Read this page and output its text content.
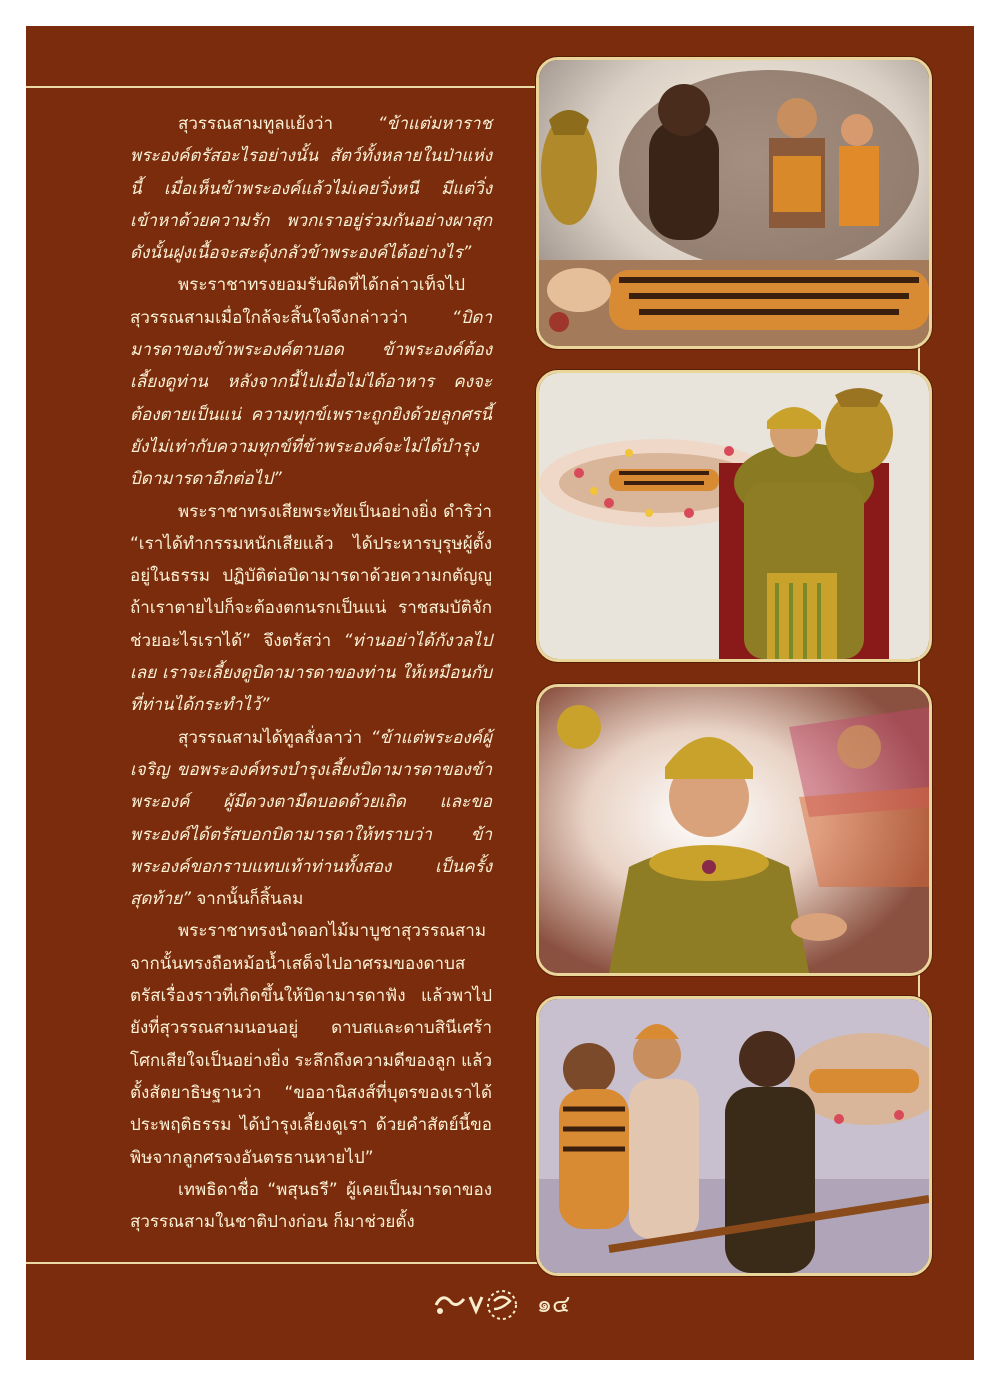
สุวรรณสามทูลแย้งว่า “ข้าแต่มหาราช พระองค์ตรัสอะไรอย่างนั้น สัตว์ทั้งหลายในป่าแห่งนี้ เมื่อเห็นข้าพระองค์แล้วไม่เคยวิ่งหนี มีแต่วิ่งเข้าหาด้วยความรัก พวกเราอยู่ร่วมกันอย่างผาสุก ดังนั้นฝูงเนื้อจะสะดุ้งกลัวข้าพระองค์ได้อย่างไร”

พระราชาทรงยอมรับผิดที่ได้กล่าวเท็จไป สุวรรณสามเมื่อใกล้จะสิ้นใจจึงกล่าวว่า “บิดามารดาของข้าพระองค์ตาบอด ข้าพระองค์ต้องเลี้ยงดูท่าน หลังจากนี้ไปเมื่อไม่ได้อาหาร คงจะต้องตายเป็นแน่ ความทุกข์เพราะถูกยิงด้วยลูกศรนี้ ยังไม่เท่ากับความทุกข์ที่ข้าพระองค์จะไม่ได้บำรุงบิดามารดาอีกต่อไป”

พระราชาทรงเสียพระทัยเป็นอย่างยิ่ง ดำริว่า “เราได้ทำกรรมหนักเสียแล้ว ได้ประหารบุรุษผู้ตั้งอยู่ในธรรม ปฏิบัติต่อบิดามารดาด้วยความกตัญญู ถ้าเราตายไปก็จะต้องตกนรกเป็นแน่ ราชสมบัติจักช่วยอะไรเราได้” จึงตรัสว่า “ท่านอย่าได้กังวลไปเลย เราจะเลี้ยงดูบิดามารดาของท่าน ให้เหมือนกับที่ท่านได้กระทำไว้”

สุวรรณสามได้ทูลสั่งลาว่า “ข้าแต่พระองค์ผู้เจริญ ขอพระองค์ทรงบำรุงเลี้ยงบิดามารดาของข้าพระองค์ ผู้มีดวงตามืดบอดด้วยเถิด และขอพระองค์ได้ตรัสบอกบิดามารดาให้ทราบว่า ข้าพระองค์ขอกราบแทบเท้าท่านทั้งสอง เป็นครั้งสุดท้าย” จากนั้นก็สิ้นลม

พระราชาทรงนำดอกไม้มาบูชาสุวรรณสาม จากนั้นทรงถือหม้อน้ำเสด็จไปอาศรมของดาบส ตรัสเรื่องราวที่เกิดขึ้นให้บิดามารดาฟัง แล้วพาไปยังที่สุวรรณสามนอนอยู่ ดาบสและดาบสินีเศร้าโศกเสียใจเป็นอย่างยิ่ง ระลึกถึงความดีของลูก แล้วตั้งสัตยาธิษฐานว่า “ขออานิสงส์ที่บุตรของเราได้ประพฤติธรรม ได้บำรุงเลี้ยงดูเรา ด้วยคำสัตย์นี้ขอพิษจากลูกศรจงอันตรธานหายไป”

เทพธิดาชื่อ “พสุนธรี” ผู้เคยเป็นมารดาของสุวรรณสามในชาติปางก่อน ก็มาช่วยตั้ง

๑๔
